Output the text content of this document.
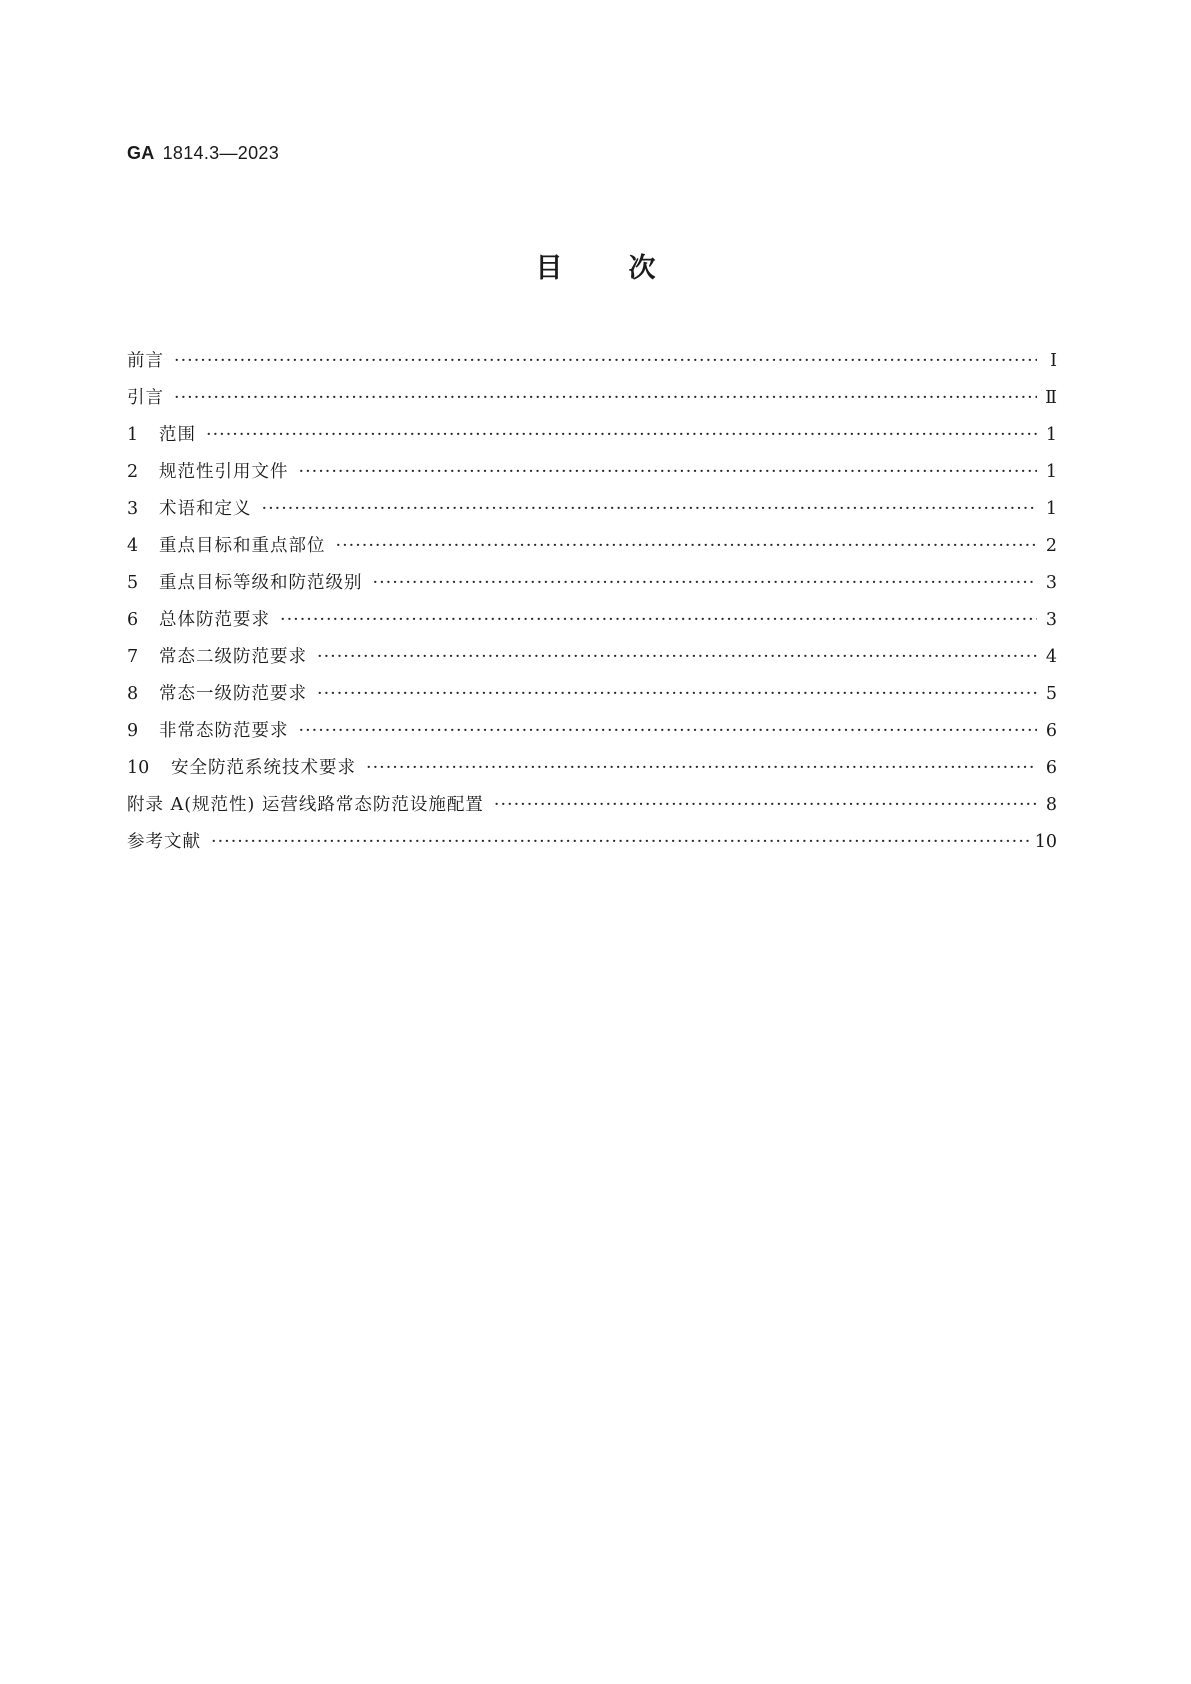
GA 1814.3—2023
目次
前言 ·····	Ⅰ
引言 ·····	Ⅱ
1	范围 ·····	1
2	规范性引用文件 ·····	1
3	术语和定义 ·····	1
4	重点目标和重点部位 ·····	2
5	重点目标等级和防范级别 ·····	3
6	总体防范要求 ·····	3
7	常态二级防范要求 ·····	4
8	常态一级防范要求 ·····	5
9	非常态防范要求 ·····	6
10	安全防范系统技术要求 ·····	6
附录 A(规范性) 运营线路常态防范设施配置 ·····	8
参考文献 ·····	10
